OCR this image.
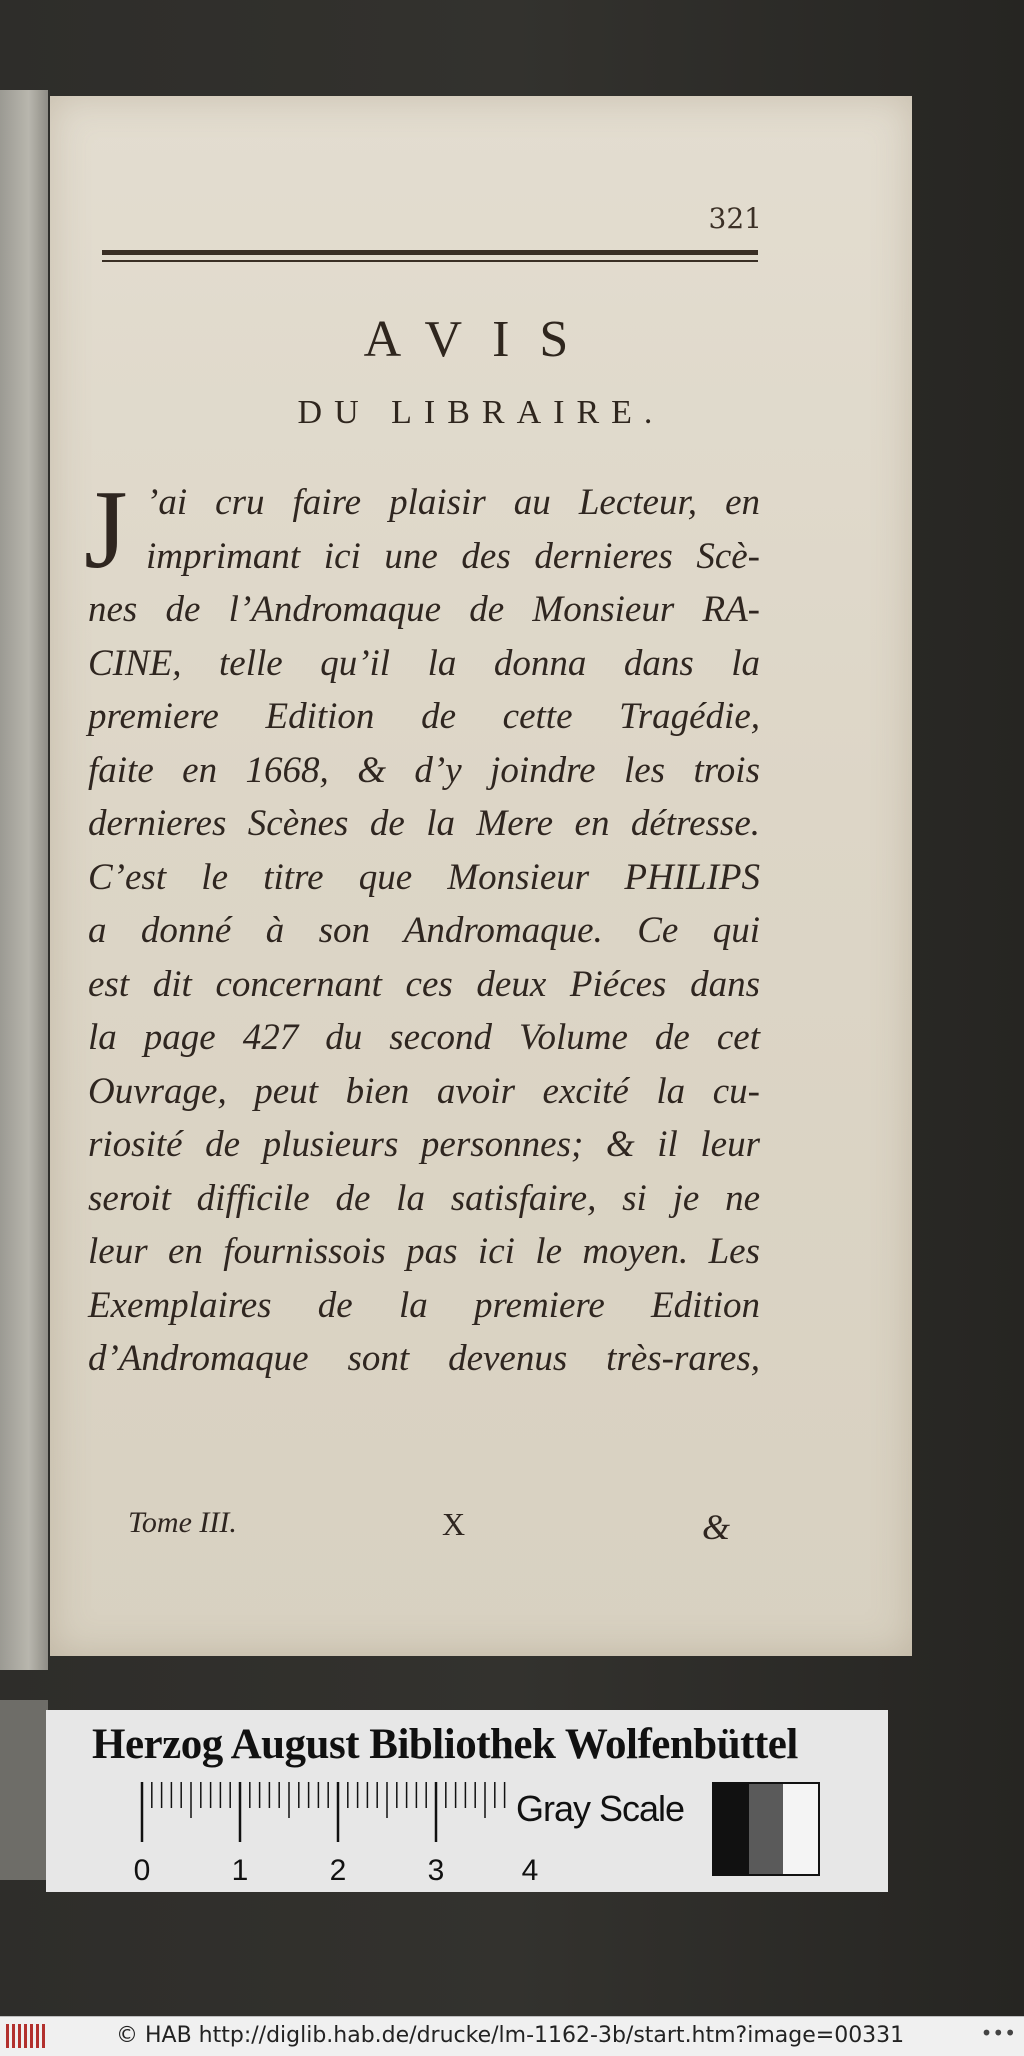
321
AVIS
DU LIBRAIRE.
J ’ai cru faire plaisir au Lecteur, en
imprimant ici une des dernieres Scè-
nes de l’Andromaque de Monsieur RA-
CINE, telle qu’il la donna dans la
premiere Edition de cette Tragédie,
faite en 1668, & d’y joindre les trois
dernieres Scènes de la Mere en détresse.
C’est le titre que Monsieur PHILIPS
a donné à son Andromaque. Ce qui
est dit concernant ces deux Piéces dans
la page 427 du second Volume de cet
Ouvrage, peut bien avoir excité la cu-
riosité de plusieurs personnes; & il leur
seroit difficile de la satisfaire, si je ne
leur en fournissois pas ici le moyen. Les
Exemplaires de la premiere Edition
d’Andromaque sont devenus très-rares,
Tome III.	X	&
Herzog August Bibliothek Wolfenbüttel
0	1	2	3	4
Gray Scale
© HAB http://diglib.hab.de/drucke/lm-1162-3b/start.htm?image=00331	•••
